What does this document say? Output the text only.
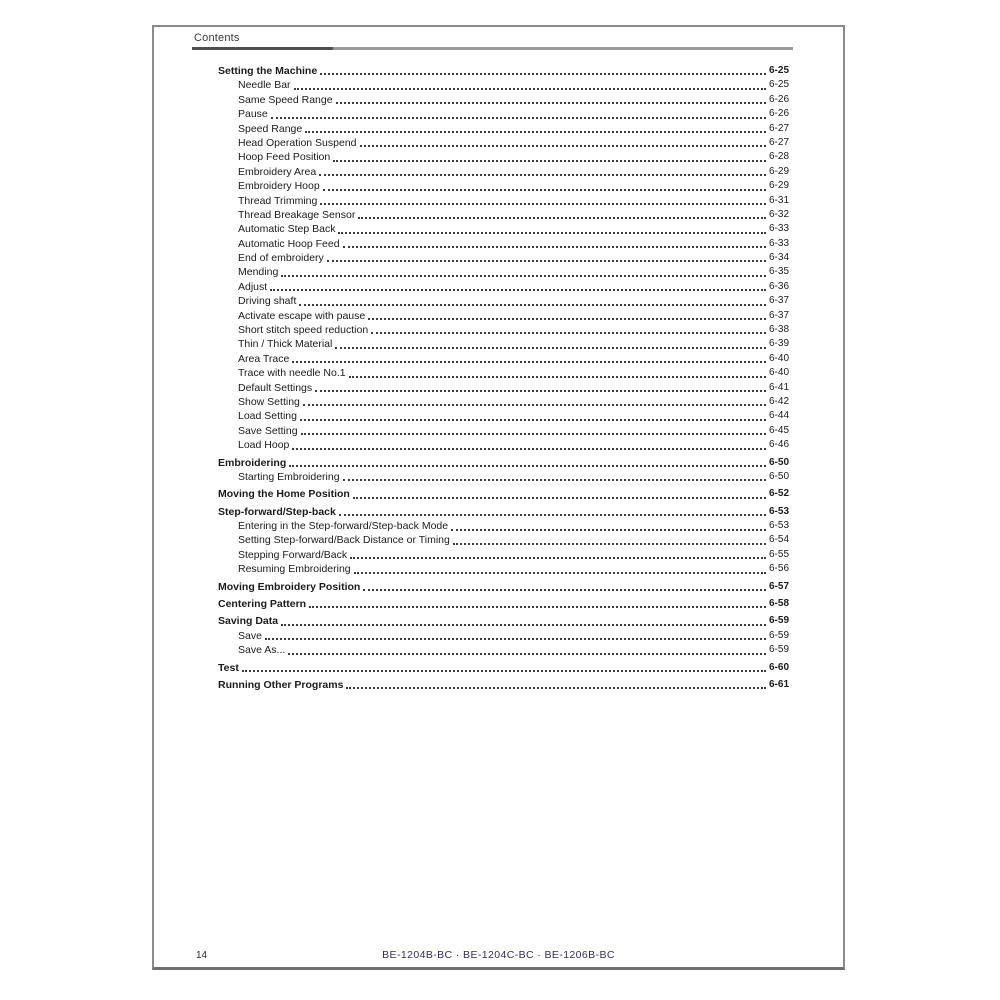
Contents
Setting the Machine	6-25
Needle Bar	6-25
Same Speed Range	6-26
Pause	6-26
Speed Range	6-27
Head Operation Suspend	6-27
Hoop Feed Position	6-28
Embroidery Area	6-29
Embroidery Hoop	6-29
Thread Trimming	6-31
Thread Breakage Sensor	6-32
Automatic Step Back	6-33
Automatic Hoop Feed	6-33
End of embroidery	6-34
Mending	6-35
Adjust	6-36
Driving shaft	6-37
Activate escape with pause	6-37
Short stitch speed reduction	6-38
Thin / Thick Material	6-39
Area Trace	6-40
Trace with needle No.1	6-40
Default Settings	6-41
Show Setting	6-42
Load Setting	6-44
Save Setting	6-45
Load Hoop	6-46
Embroidering	6-50
Starting Embroidering	6-50
Moving the Home Position	6-52
Step-forward/Step-back	6-53
Entering in the Step-forward/Step-back Mode	6-53
Setting Step-forward/Back Distance or Timing	6-54
Stepping Forward/Back	6-55
Resuming Embroidering	6-56
Moving Embroidery Position	6-57
Centering Pattern	6-58
Saving Data	6-59
Save	6-59
Save As...	6-59
Test	6-60
Running Other Programs	6-61
14	BE-1204B-BC · BE-1204C-BC · BE-1206B-BC
